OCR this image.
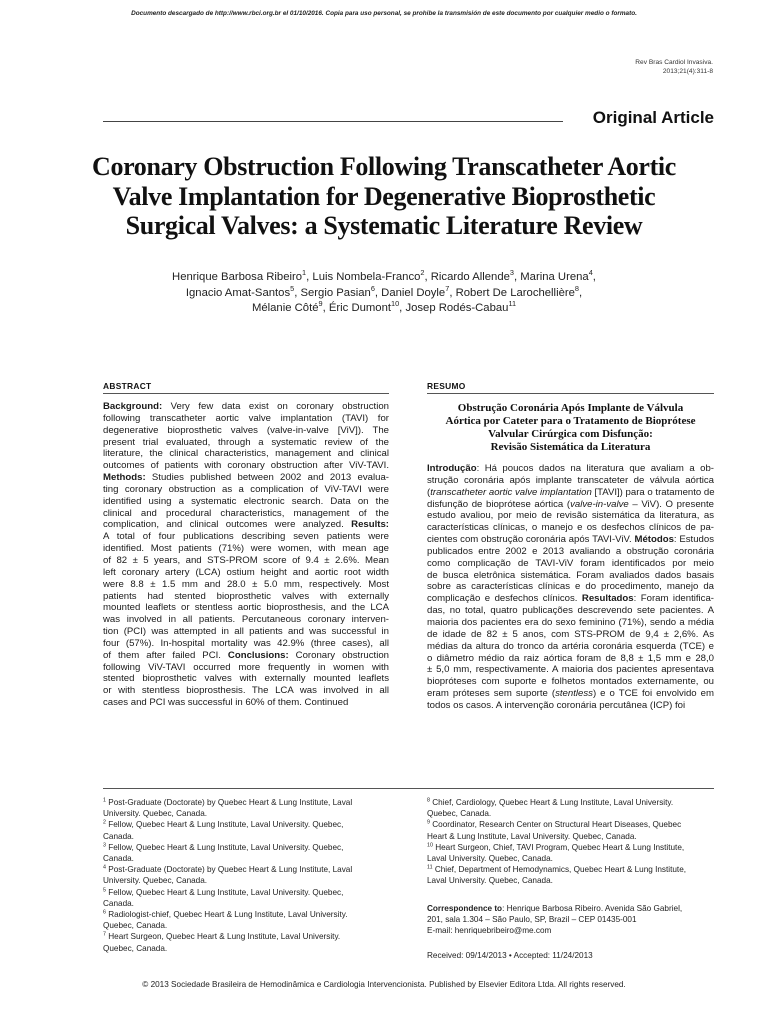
Documento descargado de http://www.rbci.org.br el 01/10/2016. Copia para uso personal, se prohibe la transmisión de este documento por cualquier medio o formato.
Rev Bras Cardiol Invasiva.
2013;21(4):311-8
Original Article
Coronary Obstruction Following Transcatheter Aortic
Valve Implantation for Degenerative Bioprosthetic
Surgical Valves: a Systematic Literature Review
Henrique Barbosa Ribeiro$^1$, Luis Nombela-Franco$^2$, Ricardo Allende$^3$, Marina Urena$^4$,
Ignacio Amat-Santos$^5$, Sergio Pasian$^6$, Daniel Doyle$^7$, Robert De Larochellière$^8$,
Mélanie Côté$^9$, Éric Dumont$^{10}$, Josep Rodés-Cabau$^{11}$
ABSTRACT
Background: Very few data exist on coronary obstruction
following transcatheter aortic valve implantation (TAVI) for
degenerative bioprosthetic valves (valve-in-valve [ViV]). The
present trial evaluated, through a systematic review of the
literature, the clinical characteristics, management and clinical
outcomes of patients with coronary obstruction after ViV-TAVI.
Methods: Studies published between 2002 and 2013 evalua-
ting coronary obstruction as a complication of ViV-TAVI were
identified using a systematic electronic search. Data on the
clinical and procedural characteristics, management of the
complication, and clinical outcomes were analyzed. Results:
A total of four publications describing seven patients were
identified. Most patients (71%) were women, with mean age
of 82 ± 5 years, and STS-PROM score of 9.4 ± 2.6%. Mean
left coronary artery (LCA) ostium height and aortic root width
were 8.8 ± 1.5 mm and 28.0 ± 5.0 mm, respectively. Most
patients had stented bioprosthetic valves with externally
mounted leaflets or stentless aortic bioprosthesis, and the LCA
was involved in all patients. Percutaneous coronary interven-
tion (PCI) was attempted in all patients and was successful in
four (57%). In-hospital mortality was 42.9% (three cases), all
of them after failed PCI. Conclusions: Coronary obstruction
following ViV-TAVI occurred more frequently in women with
stented bioprosthetic valves with externally mounted leaflets
or with stentless bioprosthesis. The LCA was involved in all
cases and PCI was successful in 60% of them. Continued
RESUMO
Obstrução Coronária Após Implante de Válvula
Aórtica por Cateter para o Tratamento de Bioprótese
Valvular Cirúrgica com Disfunção:
Revisão Sistemática da Literatura
Introdução: Há poucos dados na literatura que avaliam a ob-
strução coronária após implante transcateter de válvula aórtica
(transcatheter aortic valve implantation [TAVI]) para o tratamento de
disfunção de bioprótese aórtica (valve-in-valve – ViV). O presente
estudo avaliou, por meio de revisão sistemática da literatura, as
características clínicas, o manejo e os desfechos clínicos de pa-
cientes com obstrução coronária após TAVI-ViV. Métodos: Estudos
publicados entre 2002 e 2013 avaliando a obstrução coronária
como complicação de TAVI-ViV foram identificados por meio
de busca eletrônica sistemática. Foram avaliados dados basais
sobre as características clínicas e do procedimento, manejo da
complicação e desfechos clínicos. Resultados: Foram identifica-
das, no total, quatro publicações descrevendo sete pacientes. A
maioria dos pacientes era do sexo feminino (71%), sendo a média
de idade de 82 ± 5 anos, com STS-PROM de 9,4 ± 2,6%. As
médias da altura do tronco da artéria coronária esquerda (TCE) e
o diâmetro médio da raiz aórtica foram de 8,8 ± 1,5 mm e 28,0
± 5,0 mm, respectivamente. A maioria dos pacientes apresentava
biopróteses com suporte e folhetos montados externamente, ou
eram próteses sem suporte (stentless) e o TCE foi envolvido em
todos os casos. A intervenção coronária percutânea (ICP) foi
$^1$ Post-Graduate (Doctorate) by Quebec Heart & Lung Institute, Laval
University. Quebec, Canada.
$^2$ Fellow, Quebec Heart & Lung Institute, Laval University. Quebec,
Canada.
$^3$ Fellow, Quebec Heart & Lung Institute, Laval University. Quebec,
Canada.
$^4$ Post-Graduate (Doctorate) by Quebec Heart & Lung Institute, Laval
University. Quebec, Canada.
$^5$ Fellow, Quebec Heart & Lung Institute, Laval University. Quebec,
Canada.
$^6$ Radiologist-chief, Quebec Heart & Lung Institute, Laval University.
Quebec, Canada.
$^7$ Heart Surgeon, Quebec Heart & Lung Institute, Laval University.
Quebec, Canada.
$^8$ Chief, Cardiology, Quebec Heart & Lung Institute, Laval University.
Quebec, Canada.
$^9$ Coordinator, Research Center on Structural Heart Diseases, Quebec
Heart & Lung Institute, Laval University. Quebec, Canada.
$^{10}$ Heart Surgeon, Chief, TAVI Program, Quebec Heart & Lung Institute,
Laval University. Quebec, Canada.
$^{11}$ Chief, Department of Hemodynamics, Quebec Heart & Lung Institute,
Laval University. Quebec, Canada.
Correspondence to: Henrique Barbosa Ribeiro. Avenida São Gabriel,
201, sala 1.304 – São Paulo, SP, Brazil – CEP 01435-001
E-mail: henriquebribeiro@me.com
Received: 09/14/2013 • Accepted: 11/24/2013
© 2013 Sociedade Brasileira de Hemodinâmica e Cardiologia Intervencionista. Published by Elsevier Editora Ltda. All rights reserved.
